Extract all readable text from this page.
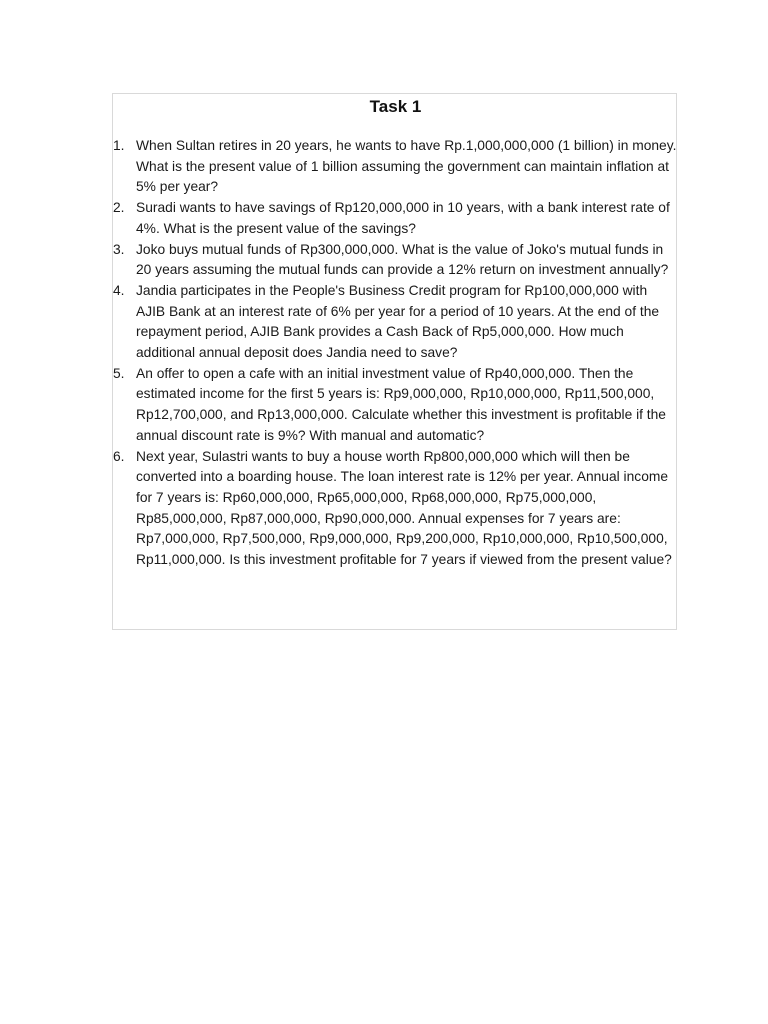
Task 1
1. When Sultan retires in 20 years, he wants to have Rp.1,000,000,000 (1 billion) in money. What is the present value of 1 billion assuming the government can maintain inflation at 5% per year?
2. Suradi wants to have savings of Rp120,000,000 in 10 years, with a bank interest rate of 4%. What is the present value of the savings?
3. Joko buys mutual funds of Rp300,000,000. What is the value of Joko's mutual funds in 20 years assuming the mutual funds can provide a 12% return on investment annually?
4. Jandia participates in the People's Business Credit program for Rp100,000,000 with AJIB Bank at an interest rate of 6% per year for a period of 10 years. At the end of the repayment period, AJIB Bank provides a Cash Back of Rp5,000,000. How much additional annual deposit does Jandia need to save?
5. An offer to open a cafe with an initial investment value of Rp40,000,000. Then the estimated income for the first 5 years is: Rp9,000,000, Rp10,000,000, Rp11,500,000, Rp12,700,000, and Rp13,000,000. Calculate whether this investment is profitable if the annual discount rate is 9%? With manual and automatic?
6. Next year, Sulastri wants to buy a house worth Rp800,000,000 which will then be converted into a boarding house. The loan interest rate is 12% per year. Annual income for 7 years is: Rp60,000,000, Rp65,000,000, Rp68,000,000, Rp75,000,000, Rp85,000,000, Rp87,000,000, Rp90,000,000. Annual expenses for 7 years are: Rp7,000,000, Rp7,500,000, Rp9,000,000, Rp9,200,000, Rp10,000,000, Rp10,500,000, Rp11,000,000. Is this investment profitable for 7 years if viewed from the present value?
